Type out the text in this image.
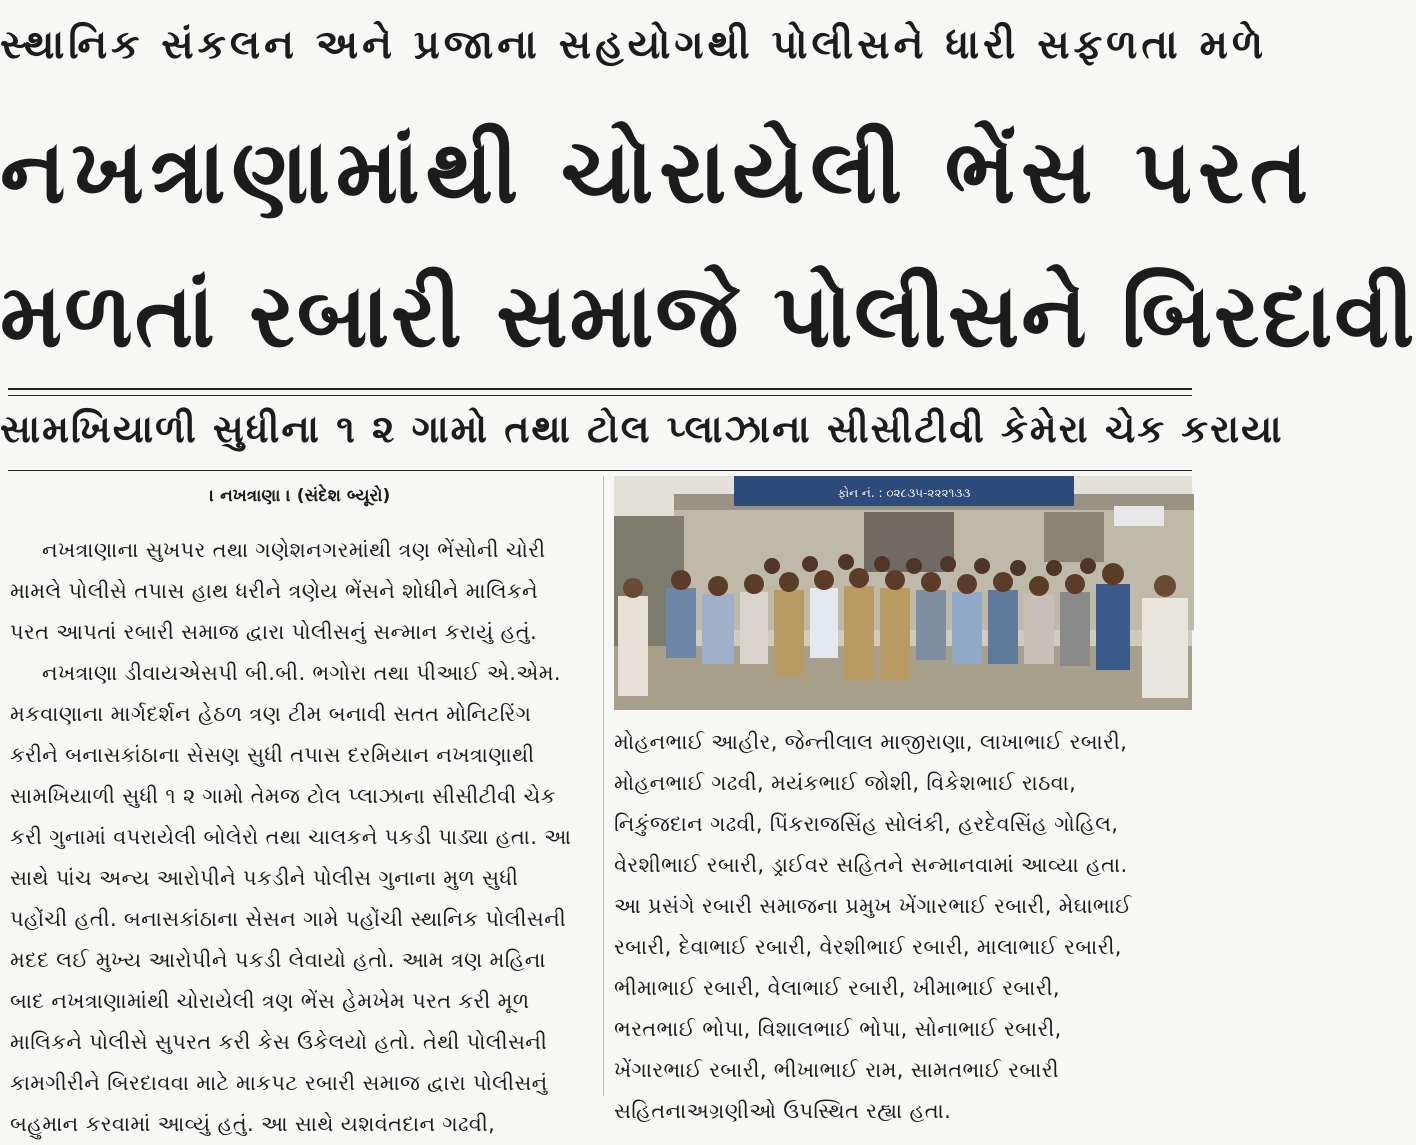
સ્થાનિક સંકલન અને પ્રજાના સહયોગથી પોલીસને ધારી સફળતા મળે
નખત્રાણામાંથી ચોરાયેલી ભેંસ પરત
મળતાં રબારી સમાજે પોલીસને બિરદાવી
સામખિયાળી સુધીના ૧ ૨ ગામો તથા ટોલ પ્લાઝાના સીસીટીવી કેમેરા ચેક કરાયા
। નખત્રાણા । (સંદેશ બ્યૂરો)
નખત્રાણાના સુખપર તથા ગણેશનગરમાંથી ત્રણ ભેંસોની ચોરી
મામલે પોલીસે તપાસ હાથ ધરીને ત્રણેય ભેંસને શોધીને માલિકને
પરત આપતાં રબારી સમાજ દ્વારા પોલીસનું સન્માન કરાયું હતું.
નખત્રાણા ડીવાયએસપી બી.બી. ભગોરા તથા પીઆઈ એ.એમ.
મકવાણાના માર્ગદર્શન હેઠળ ત્રણ ટીમ બનાવી સતત મોનિટરિંગ
કરીને બનાસકાંઠાના સેસણ સુધી તપાસ દરમિયાન નખત્રાણાથી
સામખિયાળી સુધી ૧ ૨ ગામો તેમજ ટોલ પ્લાઝાના સીસીટીવી ચેક
કરી ગુનામાં વપરાયેલી બોલેરો તથા ચાલકને પકડી પાડ્યા હતા. આ
સાથે પાંચ અન્ય આરોપીને પકડીને પોલીસ ગુનાના મુળ સુધી
પહોંચી હતી. બનાસકાંઠાના સેસન ગામે પહોંચી સ્થાનિક પોલીસની
મદદ લઈ મુખ્ય આરોપીને પકડી લેવાયો હતો. આમ ત્રણ મહિના
બાદ નખત્રાણામાંથી ચોરાયેલી ત્રણ ભેંસ હેમખેમ પરત કરી મૂળ
માલિકને પોલીસે સુપરત કરી કેસ ઉકેલયો હતો. તેથી પોલીસની
કામગીરીને બિરદાવવા માટે માકપટ રબારી સમાજ દ્વારા પોલીસનું
બહુમાન કરવામાં આવ્યું હતું. આ સાથે યશવંતદાન ગઢવી,
ફોન નં. : ૦૨૮૩૫-૨૨૨૧૩૩
મોહનભાઈ આહીર, જેન્તીલાલ માજીરાણા, લાખાભાઈ રબારી,
મોહનભાઈ ગઢવી, મયંકભાઈ જોશી, વિકેશભાઈ રાઠવા,
નિકુંજદાન ગઢવી, પિંકરાજસિંહ સોલંકી, હરદેવસિંહ ગોહિલ,
વેરશીભાઈ રબારી, ડ્રાઈવર સહિતને સન્માનવામાં આવ્યા હતા.
આ પ્રસંગે રબારી સમાજના પ્રમુખ ખેંગારભાઈ રબારી, મેઘાભાઈ
રબારી, દેવાભાઈ રબારી, વેરશીભાઈ રબારી, માલાભાઈ રબારી,
ભીમાભાઈ રબારી, વેલાભાઈ રબારી, ખીમાભાઈ રબારી,
ભરતભાઈ ભોપા, વિશાલભાઈ ભોપા, સોનાભાઈ રબારી,
ખેંગારભાઈ રબારી, ભીખાભાઈ રામ, સામતભાઈ રબારી
સહિતનાઅગ્રણીઓ ઉપસ્થિત રહ્યા હતા.
